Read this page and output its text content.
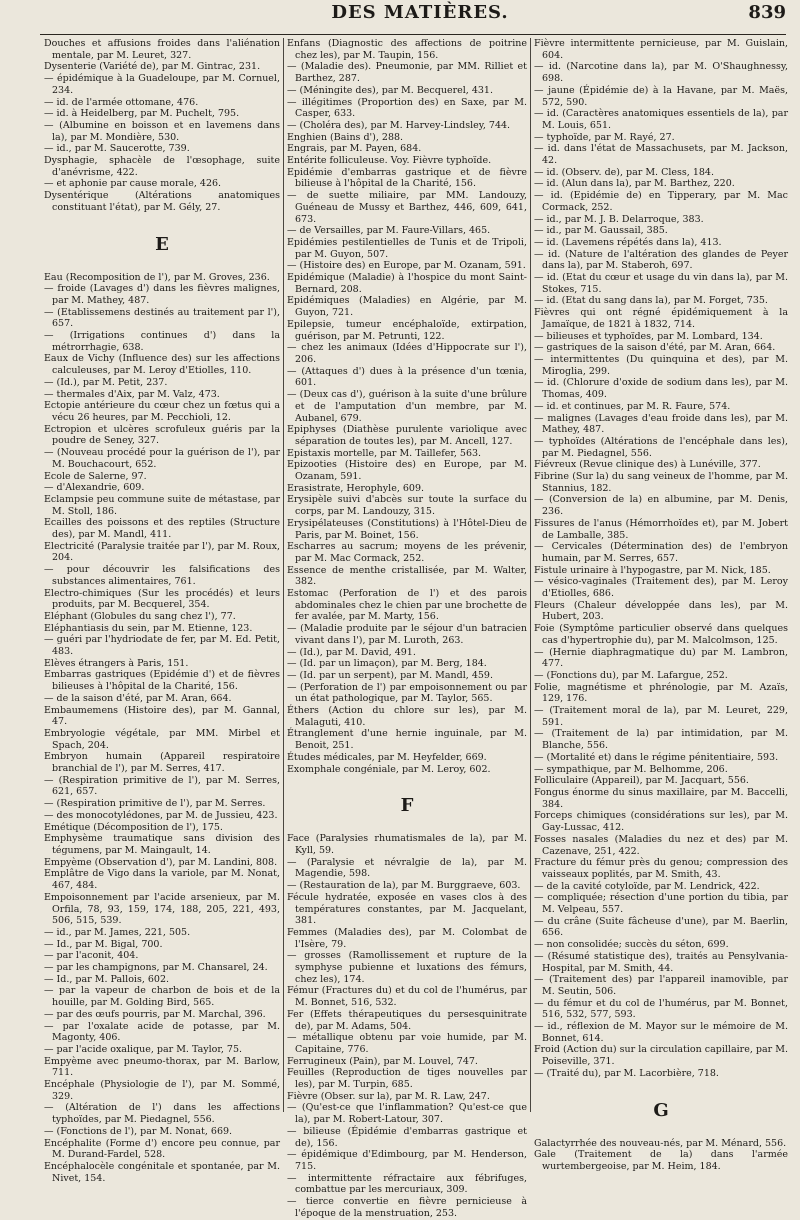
DES MATIÈRES.	839

Douches et affusions froides dans l'aliénation mentale, par M. Leuret, 327.

Dysenterie (Variété de), par M. Gintrac, 231.

— épidémique à la Guadeloupe, par M. Cornuel, 234.

— id. de l'armée ottomane, 476.

— id. à Heidelberg, par M. Puchelt, 795.

— (Albumine en boisson et en lavemens dans la), par M. Mondière, 530.

— id., par M. Saucerotte, 739.

Dysphagie, sphacèle de l'œsophage, suite d'anévrisme, 422.

— et aphonie par cause morale, 426.

Dysentérique (Altérations anatomiques constituant l'état), par M. Gély, 27.

E

Eau (Recomposition de l'), par M. Groves, 236.

— froide (Lavages d') dans les fièvres malignes, par M. Mathey, 487.

— (Etablissemens destinés au traitement par l'), 657.

— (Irrigations continues d') dans la métrorrhagie, 638.

Eaux de Vichy (Influence des) sur les affections calculeuses, par M. Leroy d'Etiolles, 110.

— (Id.), par M. Petit, 237.

— thermales d'Aix, par M. Valz, 473.

Ectopie antérieure du cœur chez un fœtus qui a vécu 26 heures, par M. Pecchioli, 12.

Ectropion et ulcères scrofuleux guéris par la poudre de Seney, 327.

— (Nouveau procédé pour la guérison de l'), par M. Bouchacourt, 652.

Ecole de Salerne, 97.

— d'Alexandrie, 609.

Eclampsie peu commune suite de métastase, par M. Stoll, 186.

Ecailles des poissons et des reptiles (Structure des), par M. Mandl, 411.

Electricité (Paralysie traitée par l'), par M. Roux, 204.

— pour découvrir les falsifications des substances alimentaires, 761.

Electro-chimiques (Sur les procédés) et leurs produits, par M. Becquerel, 354.

Eléphant (Globules du sang chez l'), 77.

Eléphantiasis du sein, par M. Etienne, 123.

— guéri par l'hydriodate de fer, par M. Ed. Petit, 483.

Elèves étrangers à Paris, 151.

Embarras gastriques (Epidémie d') et de fièvres bilieuses à l'hôpital de la Charité, 156.

— de la saison d'été, par M. Aran, 664.

Embaumemens (Histoire des), par M. Gannal, 47.

Embryologie végétale, par MM. Mirbel et Spach, 204.

Embryon humain (Appareil respiratoire branchial de l'), par M. Serres, 417.

— (Respiration primitive de l'), par M. Serres, 621, 657.

— (Respiration primitive de l'), par M. Serres.

— des monocotylédones, par M. de Jussieu, 423.

Emétique (Décomposition de l'), 175.

Emphysème traumatique sans division des tégumens, par M. Maingault, 14.

Empyème (Observation d'), par M. Landini, 808.

Emplâtre de Vigo dans la variole, par M. Nonat, 467, 484.

Empoisonnement par l'acide arsenieux, par M. Orfila, 78, 93, 159, 174, 188, 205, 221, 493, 506, 515, 539.

— id., par M. James, 221, 505.

— Id., par M. Bigal, 700.

— par l'aconit, 404.

— par les champignons, par M. Chansarel, 24.

— Id., par M. Pallois, 602.

— par la vapeur de charbon de bois et de la houille, par M. Golding Bird, 565.

— par des œufs pourris, par M. Marchal, 396.

— par l'oxalate acide de potasse, par M. Magonty, 406.

— par l'acide oxalique, par M. Taylor, 75.

Empyème avec pneumo-thorax, par M. Barlow, 711.

Encéphale (Physiologie de l'), par M. Sommé, 329.

— (Altération de l') dans les affections typhoïdes, par M. Piedagnel, 556.

— (Fonctions de l'), par M. Nonat, 669.

Encéphalite (Forme d') encore peu connue, par M. Durand-Fardel, 528.

Encéphalocèle congénitale et spontanée, par M. Nivet, 154.

Enfans (Diagnostic des affections de poitrine chez les), par M. Taupin, 156.

— (Maladie des). Pneumonie, par MM. Rilliet et Barthez, 287.

— (Méningite des), par M. Becquerel, 431.

— illégitimes (Proportion des) en Saxe, par M. Casper, 633.

— (Choléra des), par M. Harvey-Lindsley, 744.

Enghien (Bains d'), 288.

Engrais, par M. Payen, 684.

Entérite folliculeuse. Voy. Fièvre typhoïde.

Epidémie d'embarras gastrique et de fièvre bilieuse à l'hôpital de la Charité, 156.

— de suette miliaire, par MM. Landouzy, Guéneau de Mussy et Barthez, 446, 609, 641, 673.

— de Versailles, par M. Faure-Villars, 465.

Epidémies pestilentielles de Tunis et de Tripoli, par M. Guyon, 507.

— (Histoire des) en Europe, par M. Ozanam, 591.

Epidémique (Maladie) à l'hospice du mont Saint-Bernard, 208.

Epidémiques (Maladies) en Algérie, par M. Guyon, 721.

Epilepsie, tumeur encéphaloïde, extirpation, guérison, par M. Petrunti, 122.

— chez les animaux (Idées d'Hippocrate sur l'), 206.

— (Attaques d') dues à la présence d'un tœnia, 601.

— (Deux cas d'), guérison à la suite d'une brûlure et de l'amputation d'un membre, par M. Aubanel, 679.

Epiphyses (Diathèse purulente variolique avec séparation de toutes les), par M. Ancell, 127.

Epistaxis mortelle, par M. Taillefer, 563.

Epizooties (Histoire des) en Europe, par M. Ozanam, 591.

Erasistrate, Herophyle, 609.

Erysipèle suivi d'abcès sur toute la surface du corps, par M. Landouzy, 315.

Erysipélateuses (Constitutions) à l'Hôtel-Dieu de Paris, par M. Boinet, 156.

Escharres au sacrum; moyens de les prévenir, par M. Mac Cormack, 252.

Essence de menthe cristallisée, par M. Walter, 382.

Estomac (Perforation de l') et des parois abdominales chez le chien par une brochette de fer avalée, par M. Marty, 156.

— (Maladie produite par le séjour d'un batracien vivant dans l'), par M. Luroth, 263.

— (Id.), par M. David, 491.

— (Id. par un limaçon), par M. Berg, 184.

— (Id. par un serpent), par M. Mandl, 459.

— (Perforation de l') par empoisonnement ou par un état pathologique, par M. Taylor, 565.

Éthers (Action du chlore sur les), par M. Malaguti, 410.

Étranglement d'une hernie inguinale, par M. Benoit, 251.

Études médicales, par M. Heyfelder, 669.

Exomphale congéniale, par M. Leroy, 602.

F

Face (Paralysies rhumatismales de la), par M. Kyll, 59.

— (Paralysie et névralgie de la), par M. Magendie, 598.

— (Restauration de la), par M. Burggraeve, 603.

Fécule hydratée, exposée en vases clos à des températures constantes, par M. Jacquelant, 381.

Femmes (Maladies des), par M. Colombat de l'Isère, 79.

— grosses (Ramollissement et rupture de la symphyse pubienne et luxations des fémurs, chez les), 174.

Fémur (Fractures du) et du col de l'humérus, par M. Bonnet, 516, 532.

Fer (Effets thérapeutiques du persesquinitrate de), par M. Adams, 504.

— métallique obtenu par voie humide, par M. Capitaine, 776.

Ferrugineux (Pain), par M. Louvel, 747.

Feuilles (Reproduction de tiges nouvelles par les), par M. Turpin, 685.

Fièvre (Obser. sur la), par M. R. Law, 247.

— (Qu'est-ce que l'inflammation? Qu'est-ce que la), par M. Robert-Latour, 307.

— bilieuse (Épidémie d'embarras gastrique et de), 156.

— épidémique d'Edimbourg, par M. Henderson, 715.

— intermittente réfractaire aux fébrifuges, combattue par les mercuriaux, 309.

— tierce convertie en fièvre pernicieuse à l'époque de la menstruation, 253.

Fièvre intermittente pernicieuse, par M. Guislain, 604.

— id. (Narcotine dans la), par M. O'Shaughnessy, 698.

— jaune (Épidémie de) à la Havane, par M. Maës, 572, 590.

— id. (Caractères anatomiques essentiels de la), par M. Louis, 651.

— typhoïde, par M. Rayé, 27.

— id. dans l'état de Massachusets, par M. Jackson, 42.

— id. (Observ. de), par M. Cless, 184.

— id. (Alun dans la), par M. Barthez, 220.

— id. (Epidémie de) en Tipperary, par M. Mac Cormack, 252.

— id., par M. J. B. Delarroque, 383.

— id., par M. Gaussail, 385.

— id. (Lavemens répétés dans la), 413.

— id. (Nature de l'altération des glandes de Peyer dans la), par M. Staberoh, 697.

— id. (Etat du cœur et usage du vin dans la), par M. Stokes, 715.

— id. (Etat du sang dans la), par M. Forget, 735.

Fièvres qui ont régné épidémiquement à la Jamaïque, de 1821 à 1832, 714.

— bilieuses et typhoïdes, par M. Lombard, 134.

— gastriques de la saison d'été, par M. Aran, 664.

— intermittentes (Du quinquina et des), par M. Miroglia, 299.

— id. (Chlorure d'oxide de sodium dans les), par M. Thomas, 409.

— id. et continues, par M. R. Faure, 574.

— malignes (Lavages d'eau froide dans les), par M. Mathey, 487.

— typhoïdes (Altérations de l'encéphale dans les), par M. Piedagnel, 556.

Fiévreux (Revue clinique des) à Lunéville, 377.

Fibrine (Sur la) du sang veineux de l'homme, par M. Stannius, 182.

— (Conversion de la) en albumine, par M. Denis, 236.

Fissures de l'anus (Hémorrhoïdes et), par M. Jobert de Lamballe, 385.

— Cervicales (Détermination des) de l'embryon humain, par M. Serres, 657.

Fistule urinaire à l'hypogastre, par M. Nick, 185.

— vésico-vaginales (Traitement des), par M. Leroy d'Etiolles, 686.

Fleurs (Chaleur développée dans les), par M. Hubert, 203.

Foie (Symptôme particulier observé dans quelques cas d'hypertrophie du), par M. Malcolmson, 125.

— (Hernie diaphragmatique du) par M. Lambron, 477.

— (Fonctions du), par M. Lafargue, 252.

Folie, magnétisme et phrénologie, par M. Azaïs, 129, 176.

— (Traitement moral de la), par M. Leuret, 229, 591.

— (Traitement de la) par intimidation, par M. Blanche, 556.

— (Mortalité et) dans le régime pénitentiaire, 593.

— sympathique, par M. Belhomme, 206.

Folliculaire (Appareil), par M. Jacquart, 556.

Fongus énorme du sinus maxillaire, par M. Baccelli, 384.

Forceps chimiques (considérations sur les), par M. Gay-Lussac, 412.

Fosses nasales (Maladies du nez et des) par M. Cazenave, 251, 422.

Fracture du fémur près du genou; compression des vaisseaux poplités, par M. Smith, 43.

— de la cavité cotyloïde, par M. Lendrick, 422.

— compliquée; résection d'une portion du tibia, par M. Velpeau, 557.

— du crâne (Suite fâcheuse d'une), par M. Baerlin, 656.

— non consolidée; succès du séton, 699.

— (Résumé statistique des), traités au Pensylvania-Hospital, par M. Smith, 44.

— (Traitement des) par l'appareil inamovible, par M. Seutin, 506.

— du fémur et du col de l'humérus, par M. Bonnet, 516, 532, 577, 593.

— id., réflexion de M. Mayor sur le mémoire de M. Bonnet, 614.

Froid (Action du) sur la circulation capillaire, par M. Poiseville, 371.

— (Traité du), par M. Lacorbière, 718.

G

Galactyrrhée des nouveau-nés, par M. Ménard, 556.

Gale (Traitement de la) dans l'armée wurtembergeoise, par M. Heim, 184.
